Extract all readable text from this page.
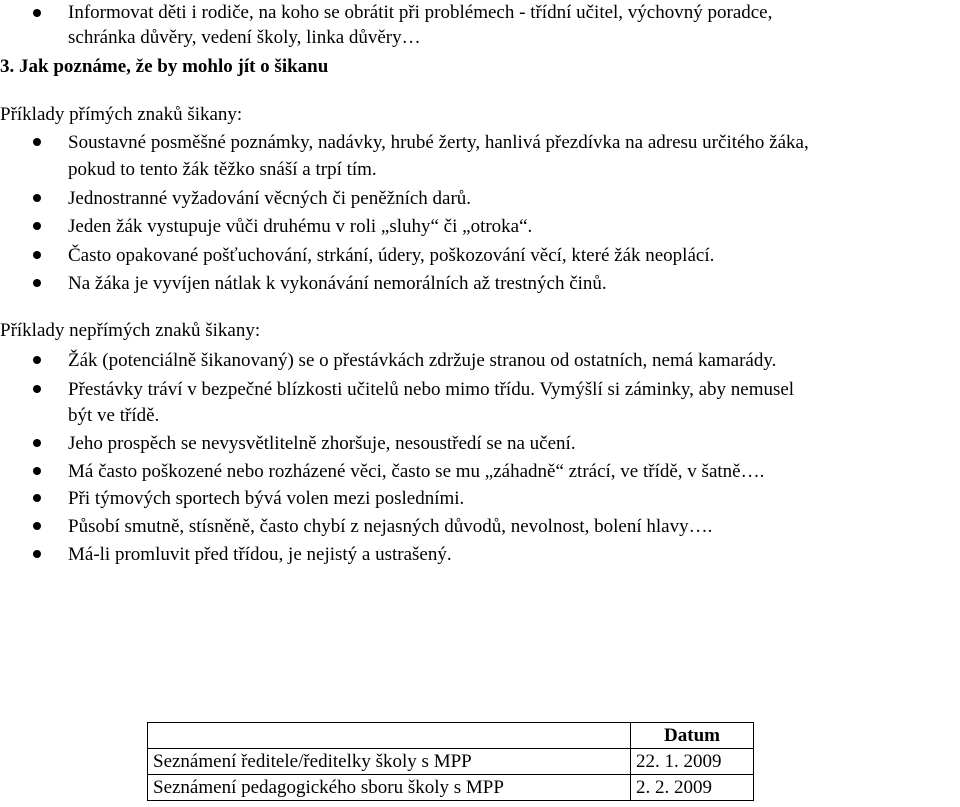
Informovat děti i rodiče, na koho se obrátit při problémech - třídní učitel, výchovný poradce,
schránka důvěry, vedení školy, linka důvěry…
3. Jak poznáme, že by mohlo jít o šikanu
Příklady přímých znaků šikany:
Soustavné posměšné poznámky, nadávky, hrubé žerty, hanlivá přezdívka na adresu určitého žáka,
pokud to tento žák těžko snáší a trpí tím.
Jednostranné vyžadování věcných či peněžních darů.
Jeden žák vystupuje vůči druhému v roli „sluhy“ či „otroka“.
Často opakované pošťuchování, strkání, údery, poškozování věcí, které žák neoplácí.
Na žáka je vyvíjen nátlak k vykonávání nemorálních až trestných činů.
Příklady nepřímých znaků šikany:
Žák (potenciálně šikanovaný) se o přestávkách zdržuje stranou od ostatních, nemá kamarády.
Přestávky tráví v bezpečné blízkosti učitelů nebo mimo třídu. Vymýšlí si záminky, aby nemusel
být ve třídě.
Jeho prospěch se nevysvětlitelně zhoršuje, nesoustředí se na učení.
Má často poškozené nebo rozházené věci, často se mu „záhadně“ ztrácí, ve třídě, v šatně….
Při týmových sportech bývá volen mezi posledními.
Působí smutně, stísněně, často chybí z nejasných důvodů, nevolnost, bolení hlavy….
Má-li promluvit před třídou, je nejistý a ustrašený.
	Datum
Seznámení ředitele/ředitelky školy s MPP	22. 1. 2009
Seznámení pedagogického sboru školy s MPP	2. 2. 2009
